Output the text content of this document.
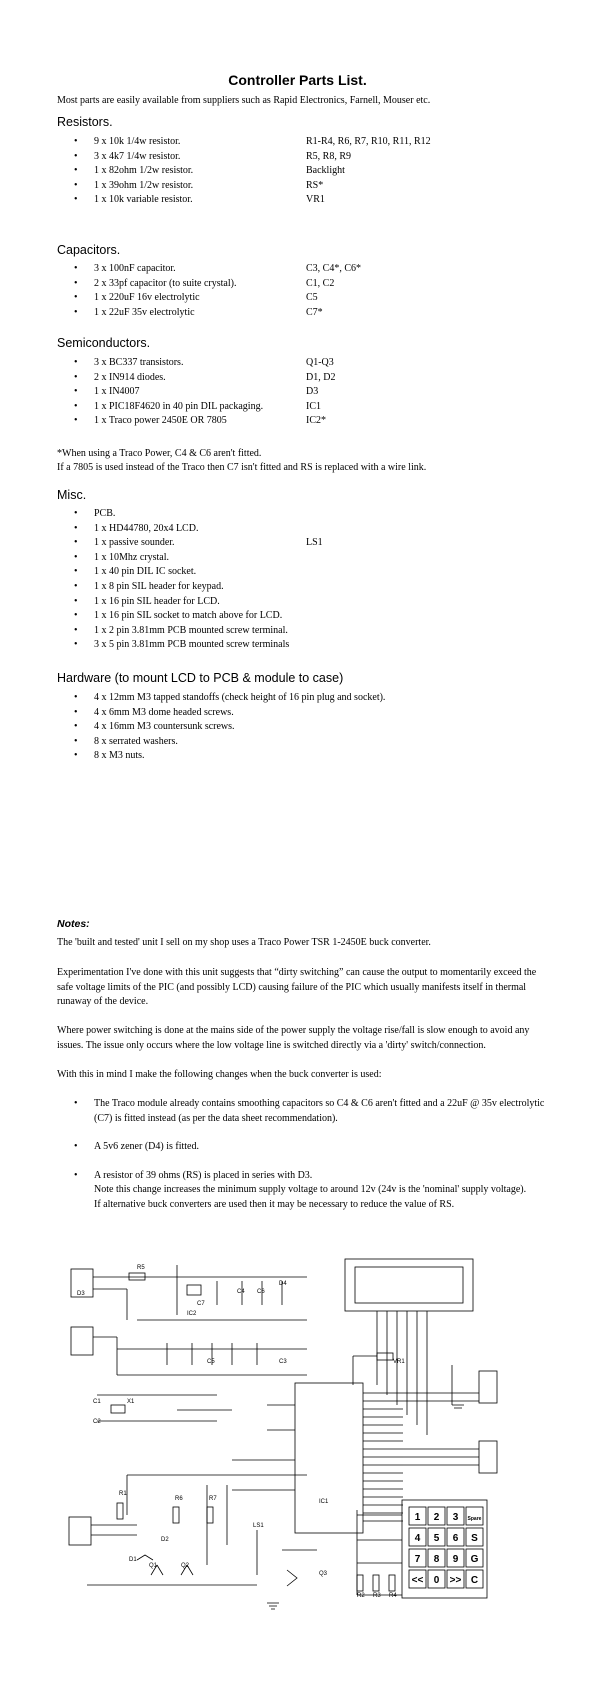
Controller Parts List.
Most parts are easily available from suppliers such as Rapid Electronics, Farnell, Mouser etc.
Resistors.
• 9 x 10k 1/4w resistor.	R1-R4, R6, R7, R10, R11, R12
• 3 x 4k7 1/4w resistor.	R5, R8, R9
• 1 x 82ohm 1/2w resistor.	Backlight
• 1 x 39ohm 1/2w resistor.	RS*
• 1 x 10k variable resistor.	VR1
Capacitors.
• 3 x 100nF capacitor.	C3, C4*, C6*
• 2 x 33pf capacitor (to suite crystal).	C1, C2
• 1 x 220uF 16v electrolytic	C5
• 1 x 22uF 35v electrolytic	C7*
Semiconductors.
• 3 x BC337 transistors.	Q1-Q3
• 2 x IN914 diodes.	D1, D2
• 1 x IN4007	D3
• 1 x PIC18F4620 in 40 pin DIL packaging.	IC1
• 1 x Traco power 2450E OR 7805	IC2*
*When using a Traco Power, C4 & C6 aren't fitted.
If a 7805 is used instead of the Traco then C7 isn't fitted and RS is replaced with a wire link.
Misc.
• PCB.
• 1 x HD44780, 20x4 LCD.
• 1 x passive sounder.	LS1
• 1 x 10Mhz crystal.
• 1 x 40 pin DIL IC socket.
• 1 x 8 pin SIL header for keypad.
• 1 x 16 pin SIL header for LCD.
• 1 x 16 pin SIL socket to match above for LCD.
• 1 x 2 pin 3.81mm PCB mounted screw terminal.
• 3 x 5 pin 3.81mm PCB mounted screw terminals
Hardware (to mount LCD to PCB & module to case)
• 4 x 12mm M3 tapped standoffs (check height of 16 pin plug and socket).
• 4 x 6mm M3 dome headed screws.
• 4 x 16mm M3 countersunk screws.
• 8 x serrated washers.
• 8 x M3 nuts.
Notes:

The 'built and tested' unit I sell on my shop uses a Traco Power TSR 1-2450E buck converter.

Experimentation I've done with this unit suggests that “dirty switching” can cause the output to momentarily exceed the safe voltage limits of the PIC (and possibly LCD) causing failure of the PIC which usually manifests itself in thermal runaway of the device.

Where power switching is done at the mains side of the power supply the voltage rise/fall is slow enough to avoid any issues. The issue only occurs where the low voltage line is switched directly via a 'dirty' switch/connection.

With this in mind I make the following changes when the buck converter is used:

• The Traco module already contains smoothing capacitors so C4 & C6 aren't fitted and a 22uF @ 35v electrolytic (C7) is fitted instead (as per the data sheet recommendation).
• A 5v6 zener (D4) is fitted.
• A resistor of 39 ohms (RS) is placed in series with D3.
Note this change increases the minimum supply voltage to around 12v (24v is the 'nominal' supply voltage).
If alternative buck converters are used then it may be necessary to reduce the value of RS.
R1
R2 R3 R4
R5
R6	R7
Q1	Q2
Q3
D1
D2
D3
D4
C1
C2
C3
C4
C5
C6
C7
IC1
IC2
LS1
VR1
X1
1 2 3 Spare
4 5 6 S
7 8 9 G
<< 0 >> C
